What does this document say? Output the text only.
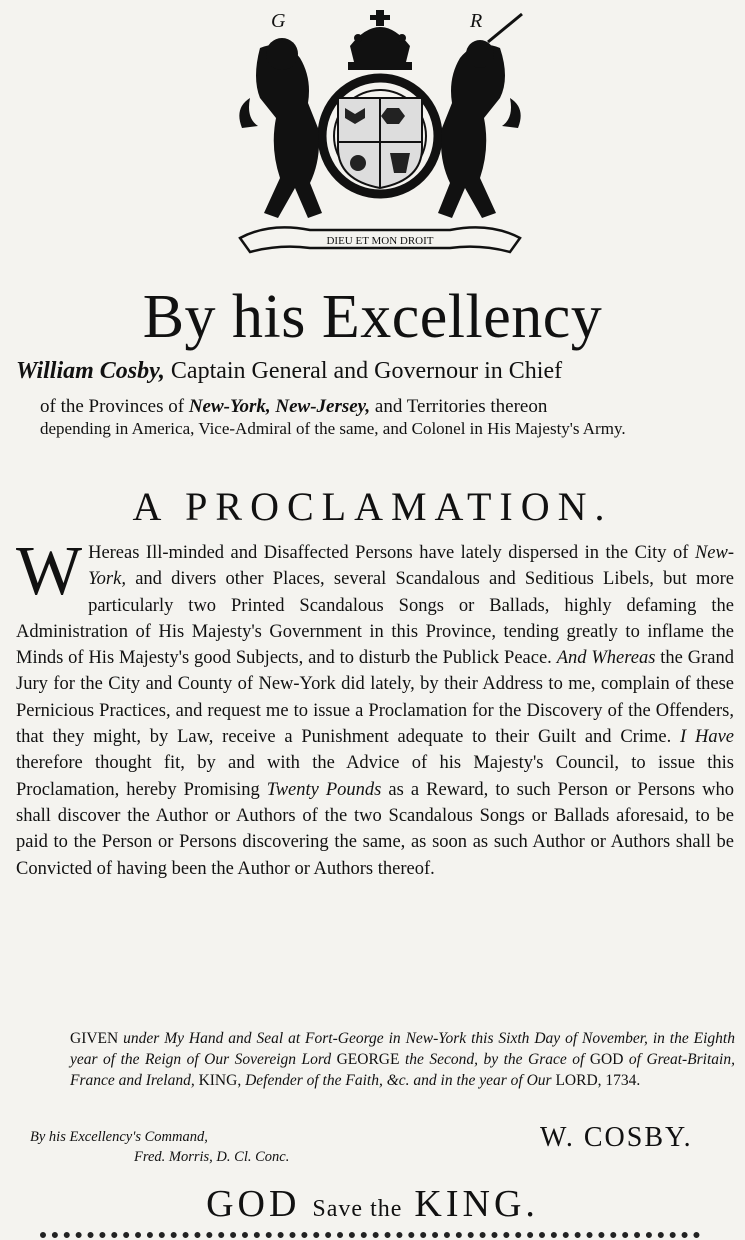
G	R
DIEU ET MON DROIT
By his Excellency
William Cosby, Captain General and Governour in Chief
of the Provinces of New-York, New-Jersey, and Territories thereon
depending in America, Vice-Admiral of the same, and Colonel in His Majesty's Army.
A PROCLAMATION.
W Hereas Ill-minded and Disaffected Persons have lately dispersed in the City of New-York, and divers other Places, several Scandalous and Seditious Libels, but more particularly two Printed Scandalous Songs or Ballads, highly defaming the Administration of His Majesty's Government in this Province, tending greatly to inflame the Minds of His Majesty's good Subjects, and to disturb the Publick Peace. And Whereas the Grand Jury for the City and County of New-York did lately, by their Address to me, complain of these Pernicious Practices, and request me to issue a Proclamation for the Discovery of the Offenders, that they might, by Law, receive a Punishment adequate to their Guilt and Crime. I Have therefore thought fit, by and with the Advice of his Majesty's Council, to issue this Proclamation, hereby Promising Twenty Pounds as a Reward, to such Person or Persons who shall discover the Author or Authors of the two Scandalous Songs or Ballads aforesaid, to be paid to the Person or Persons discovering the same, as soon as such Author or Authors shall be Convicted of having been the Author or Authors thereof.
GIVEN under My Hand and Seal at Fort-George in New-York this Sixth Day of November, in the Eighth year of the Reign of Our Sovereign Lord GEORGE the Second, by the Grace of GOD of Great-Britain, France and Ireland, KING, Defender of the Faith, &c. and in the year of Our LORD, 1734.
By his Excellency's Command,
Fred. Morris, D. Cl. Conc.
W. COSBY.
GOD Save the KING.
